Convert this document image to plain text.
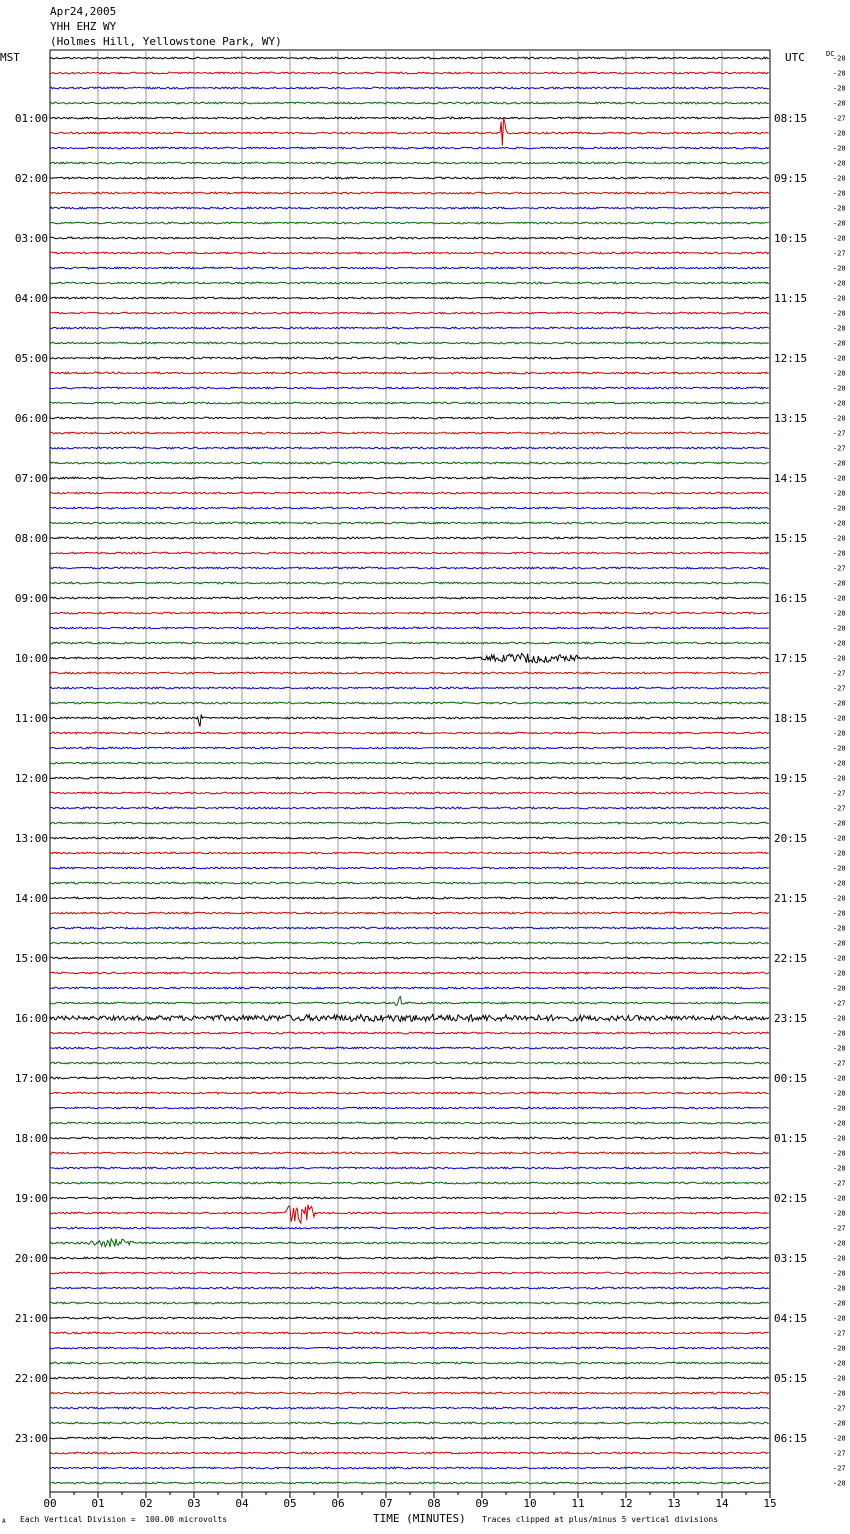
Apr24,2005
YHH EHZ WY
(Holmes Hill, Yellowstone Park, WY)
MST	UTC	DC
00	01	02	03	04	05	06	07	08	09	10	11	12	13	14	15
-28
-28
-28
-28
-27
-28
-28
-28
-28
-28
-28
-28
-28
-27
-28
-28
-28
-28
-28
-28
-28
-28
-28
-28
-28
-27
-27
-28
-28
-28
-28
-28
-28
-28
-27
-28
-28
-28
-28
-28
-28
-27
-27
-28
-28
-28
-28
-28
-28
-27
-27
-28
-28
-28
-28
-28
-28
-28
-28
-28
-28
-28
-28
-27
-28
-28
-28
-27
-28
-28
-28
-28
-28
-28
-28
-27
-28
-28
-27
-28
-28
-28
-28
-28
-28
-27
-28
-28
-28
-28
-27
-28
-28
-27
-27
-28
01:00
02:00
03:00
04:00
05:00
06:00
07:00
08:00
09:00
10:00
11:00
12:00
13:00
14:00
15:00
16:00
17:00
18:00
19:00
20:00
21:00
22:00
23:00
08:15
09:15
10:15
11:15
12:15
13:15
14:15
15:15
16:15
17:15
18:15
19:15
20:15
21:15
22:15
23:15
00:15
01:15
02:15
03:15
04:15
05:15
06:15
A Each Vertical Division =  100.00 microvolts	TIME (MINUTES) Traces clipped at plus/minus 5 vertical divisions
